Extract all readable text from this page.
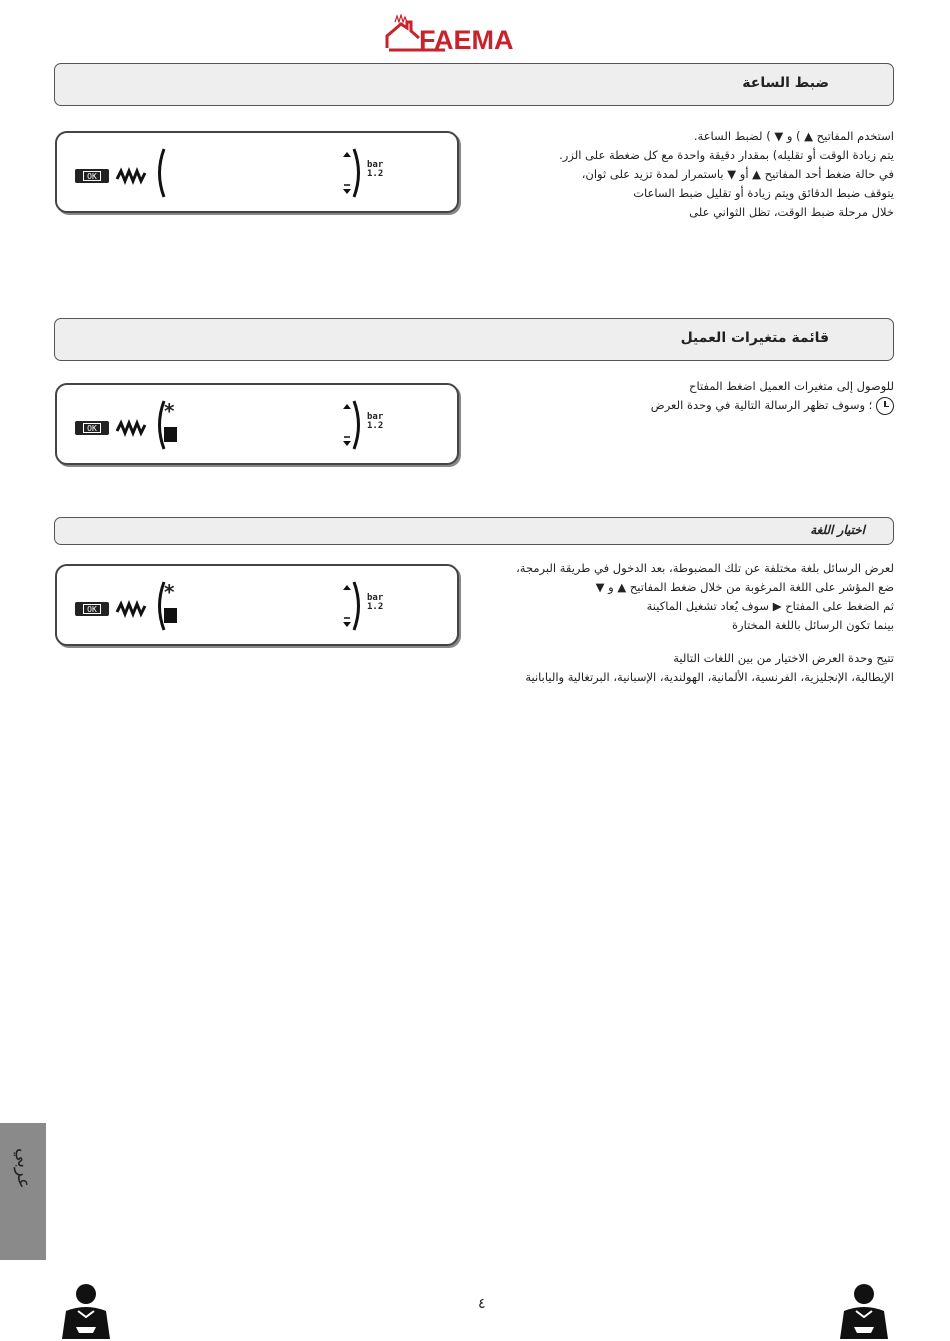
FAEMA
ضبط الساعة
OK
bar
1.2

استخدم المفاتيح ▲ ) و ▼ ) لضبط الساعة.

يتم زيادة الوقت أو تقليله) بمقدار دقيقة واحدة مع كل ضغطة على الزر.

في حالة ضغط أحد المفاتيح ▲ أو ▼ باستمرار لمدة تزيد على ثوان،

يتوقف ضبط الدقائق ويتم زيادة أو تقليل ضبط الساعات

خلال مرحلة ضبط الوقت، تظل الثواني على

قائمة متغيرات العميل
OK
*	bar
1.2

للوصول إلى متغيرات العميل اضغط المفتاح

؛ وسوف تظهر الرسالة التالية في وحدة العرض

اختيار اللغة
OK
*	bar
1.2

لعرض الرسائل بلغة مختلفة عن تلك المضبوطة، بعد الدخول في طريقة البرمجة،

ضع المؤشر على اللغة المرغوبة من خلال ضغط المفاتيح ▲ و ▼

ثم الضغط على المفتاح ▶ سوف يُعاد تشغيل الماكينة

بينما تكون الرسائل باللغة المختارة

تتيح وحدة العرض الاختيار من بين اللغات التالية

الإيطالية، الإنجليزية، الفرنسية، الألمانية، الهولندية، الإسبانية، البرتغالية واليابانية

عربي
٤
